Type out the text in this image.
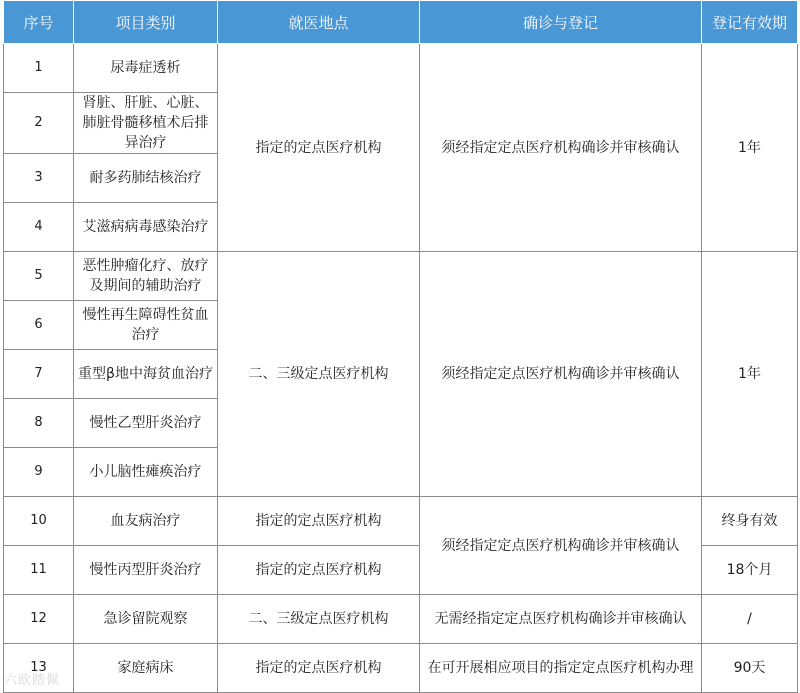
序号	项目类别	就医地点	确诊与登记	登记有效期
1	尿毒症透析	指定的定点医疗机构	须经指定定点医疗机构确诊并审核确认	1年
2	肾脏、肝脏、心脏、肺脏骨髓移植术后排异治疗			
3	耐多药肺结核治疗			
4	艾滋病病毒感染治疗			
5	恶性肿瘤化疗、放疗及期间的辅助治疗	二、三级定点医疗机构	须经指定定点医疗机构确诊并审核确认	1年
6	慢性再生障碍性贫血治疗			
7	重型β地中海贫血治疗			
8	慢性乙型肝炎治疗			
9	小儿脑性瘫痪治疗			
10	血友病治疗	指定的定点医疗机构	须经指定定点医疗机构确诊并审核确认	终身有效
11	慢性丙型肝炎治疗	指定的定点医疗机构		18个月
12	急诊留院观察	二、三级定点医疗机构	无需经指定定点医疗机构确诊并审核确认	/
13	家庭病床	指定的定点医疗机构	在可开展相应项目的指定定点医疗机构办理	90天
六欧踏佩
